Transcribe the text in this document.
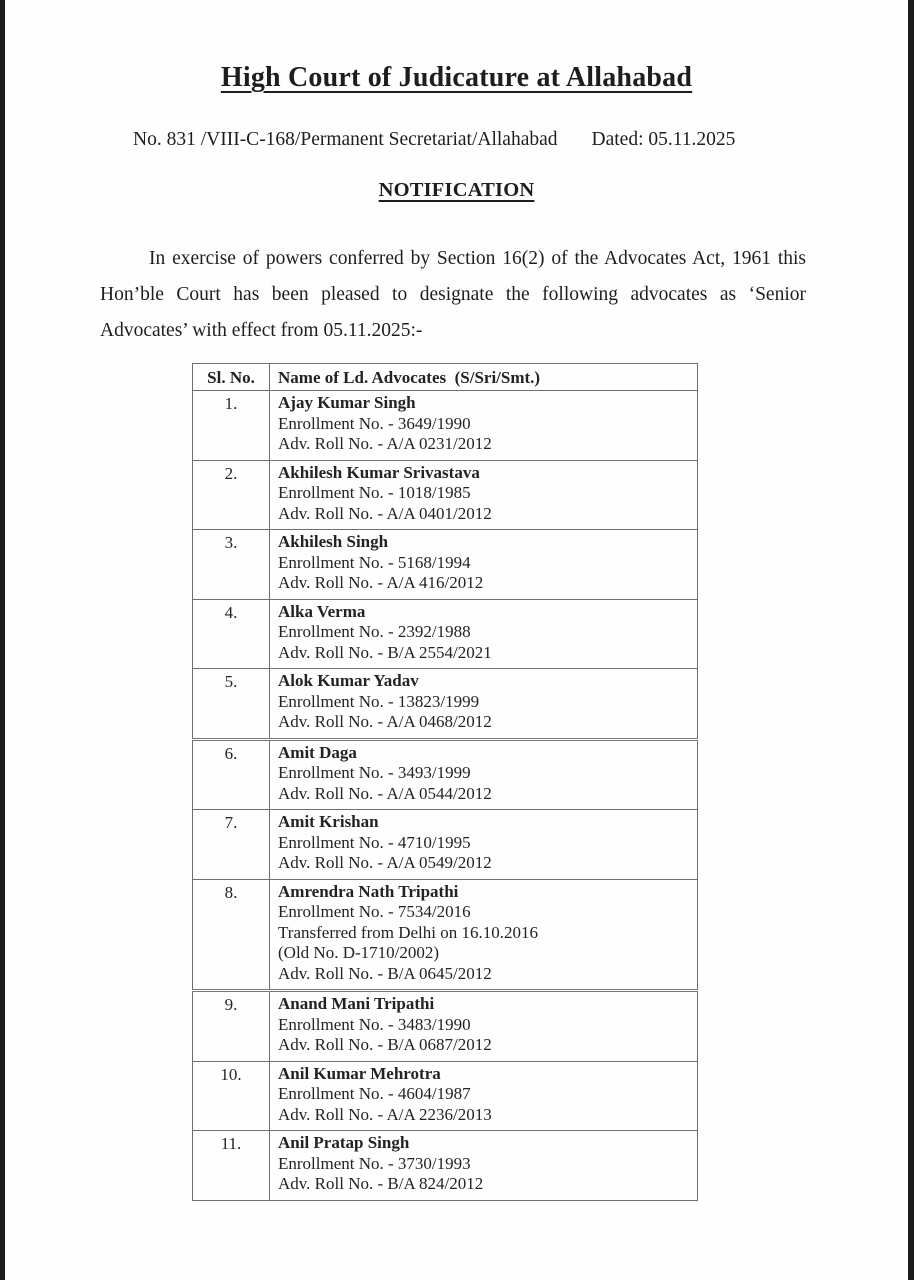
High Court of Judicature at Allahabad
No. 831 /VIII-C-168/Permanent Secretariat/Allahabad Dated: 05.11.2025
NOTIFICATION

In exercise of powers conferred by Section 16(2) of the Advocates Act, 1961 this Hon’ble Court has been pleased to designate the following advocates as ‘Senior Advocates’ with effect from 05.11.2025:-

Sl. No.	Name of Ld. Advocates  (S/Sri/Smt.)
1.	Ajay Kumar Singh
Enrollment No. - 3649/1990
Adv. Roll No. - A/A 0231/2012

2.	Akhilesh Kumar Srivastava
Enrollment No. - 1018/1985
Adv. Roll No. - A/A 0401/2012

3.	Akhilesh Singh
Enrollment No. - 5168/1994
Adv. Roll No. - A/A 416/2012

4.	Alka Verma
Enrollment No. - 2392/1988
Adv. Roll No. - B/A 2554/2021

5.	Alok Kumar Yadav
Enrollment No. - 13823/1999
Adv. Roll No. - A/A 0468/2012

6.	Amit Daga
Enrollment No. - 3493/1999
Adv. Roll No. - A/A 0544/2012

7.	Amit Krishan
Enrollment No. - 4710/1995
Adv. Roll No. - A/A 0549/2012

8.	Amrendra Nath Tripathi
Enrollment No. - 7534/2016
Transferred from Delhi on 16.10.2016
(Old No. D-1710/2002)
Adv. Roll No. - B/A 0645/2012

9.	Anand Mani Tripathi
Enrollment No. - 3483/1990
Adv. Roll No. - B/A 0687/2012

10.	Anil Kumar Mehrotra
Enrollment No. - 4604/1987
Adv. Roll No. - A/A 2236/2013

11.	Anil Pratap Singh
Enrollment No. - 3730/1993
Adv. Roll No. - B/A 824/2012
